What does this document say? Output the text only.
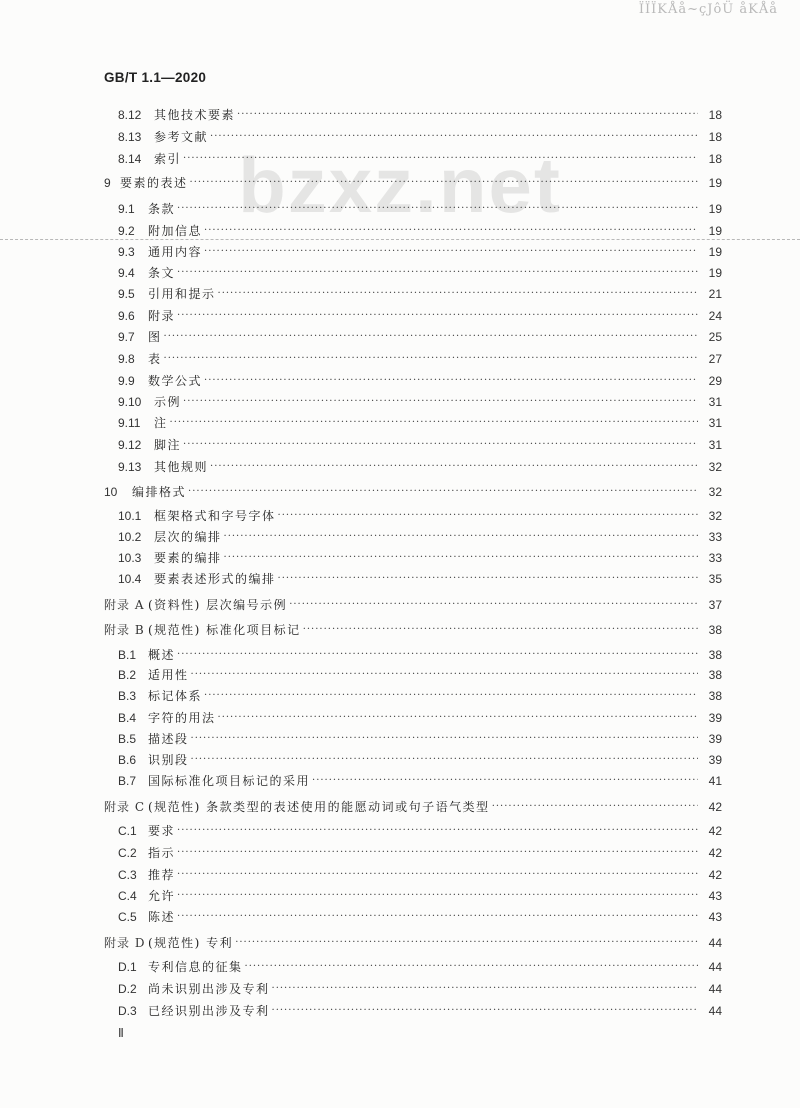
ÏÏÏKÅå~çJôÜ åKÅå
GB/T 1.1—2020
bzxz.net
8.12	其他技术要素 ·····	18
8.13	参考文献 ·····	18
8.14	索引 ·····	18
9 要素的表述 ·····	19
9.1	条款 ·····	19
9.2	附加信息 ·····	19
9.3	通用内容 ·····	19
9.4	条文 ·····	19
9.5	引用和提示 ·····	21
9.6	附录 ·····	24
9.7	图 ·····	25
9.8	表 ·····	27
9.9	数学公式 ·····	29
9.10	示例 ·····	31
9.11	注 ·····	31
9.12	脚注 ·····	31
9.13	其他规则 ·····	32
10	编排格式 ·····	32
10.1	框架格式和字号字体 ·····	32
10.2	层次的编排 ·····	33
10.3	要素的编排 ·····	33
10.4	要素表述形式的编排 ·····	35
附录 A (资料性) 层次编号示例 ·····	37
附录 B (规范性) 标准化项目标记 ·····	38
B.1 概述 ·····	38
B.2 适用性 ·····	38
B.3 标记体系 ·····	38
B.4 字符的用法 ·····	39
B.5 描述段 ·····	39
B.6 识别段 ·····	39
B.7 国际标准化项目标记的采用 ·····	41
附录 C (规范性) 条款类型的表述使用的能愿动词或句子语气类型 ·····	42
C.1 要求 ·····	42
C.2 指示 ·····	42
C.3 推荐 ·····	42
C.4 允许 ·····	43
C.5 陈述 ·····	43
附录 D (规范性) 专利 ·····	44
D.1 专利信息的征集 ·····	44
D.2 尚未识别出涉及专利 ·····	44
D.3 已经识别出涉及专利 ·····	44
Ⅱ
